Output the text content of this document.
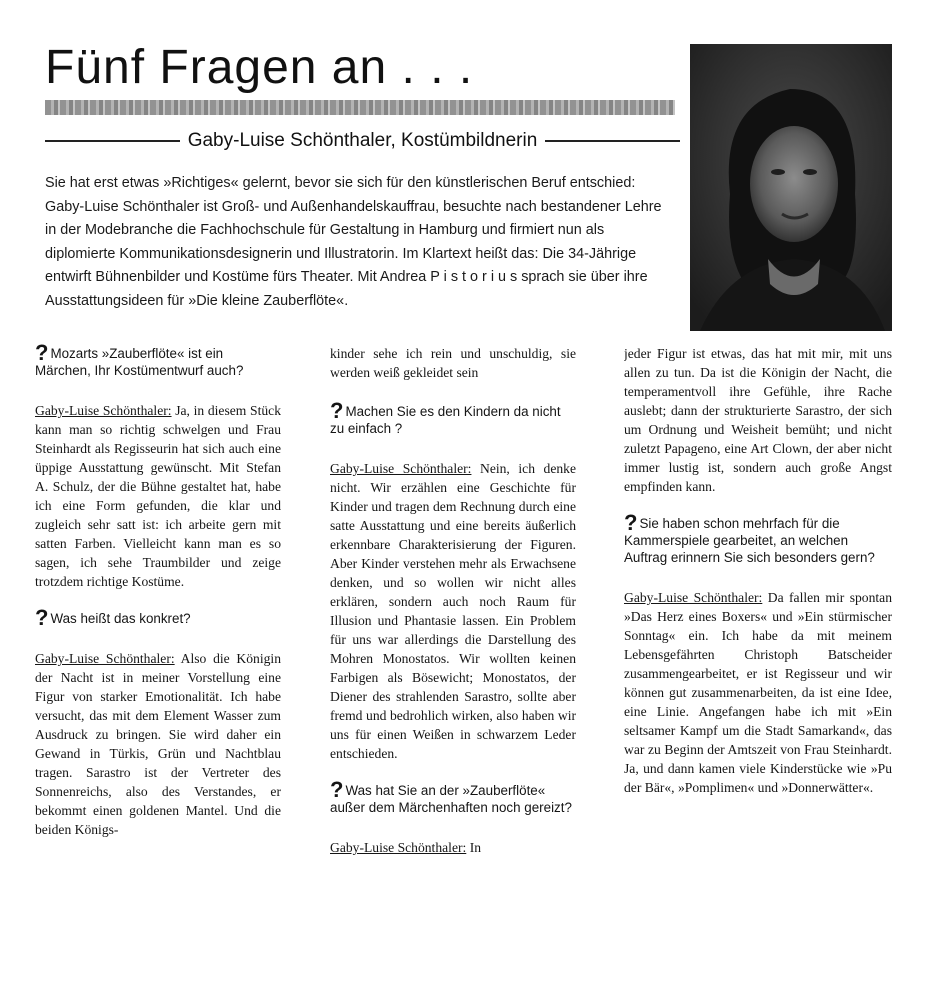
Fünf Fragen an . . .
Gaby-Luise Schönthaler, Kostümbildnerin

Sie hat erst etwas »Richtiges« gelernt, bevor sie sich für den künstlerischen Beruf entschied: Gaby-Luise Schönthaler ist Groß- und Außenhandelskauffrau, besuchte nach bestandener Lehre in der Modebranche die Fachhochschule für Gestaltung in Hamburg und firmiert nun als diplomierte Kommunikationsdesignerin und Illustratorin. Im Klartext heißt das: Die 34-Jährige entwirft Bühnenbilder und Kostüme fürs Theater. Mit Andrea P i s t o r i u s sprach sie über ihre Ausstattungsideen für »Die kleine Zauberflöte«.

? Mozarts »Zauberflöte« ist ein Märchen, Ihr Kostümentwurf auch?

Gaby-Luise Schönthaler: Ja, in diesem Stück kann man so richtig schwelgen und Frau Steinhardt als Regisseurin hat sich auch eine üppige Ausstattung gewünscht. Mit Stefan A. Schulz, der die Bühne gestaltet hat, habe ich eine Form gefunden, die klar und zugleich sehr satt ist: ich arbeite gern mit satten Farben. Vielleicht kann man es so sagen, ich sehe Traumbilder und zeige trotzdem richtige Kostüme.

? Was heißt das konkret?

Gaby-Luise Schönthaler: Also die Königin der Nacht ist in meiner Vorstellung eine Figur von starker Emotionalität. Ich habe versucht, das mit dem Element Wasser zum Ausdruck zu bringen. Sie wird daher ein Gewand in Türkis, Grün und Nachtblau tragen. Sarastro ist der Vertreter des Sonnenreichs, also des Verstandes, er bekommt einen goldenen Mantel. Und die beiden Königs-

kinder sehe ich rein und unschuldig, sie werden weiß gekleidet sein

? Machen Sie es den Kindern da nicht zu einfach ?

Gaby-Luise Schönthaler: Nein, ich denke nicht. Wir erzählen eine Geschichte für Kinder und tragen dem Rechnung durch eine satte Ausstattung und eine bereits äußerlich erkennbare Charakterisierung der Figuren. Aber Kinder verstehen mehr als Erwachsene denken, und so wollen wir nicht alles erklären, sondern auch noch Raum für Illusion und Phantasie lassen. Ein Problem für uns war allerdings die Darstellung des Mohren Monostatos. Wir wollten keinen Farbigen als Bösewicht; Monostatos, der Diener des strahlenden Sarastro, sollte aber fremd und bedrohlich wirken, also haben wir uns für einen Weißen in schwarzem Leder entschieden.

? Was hat Sie an der »Zauberflöte« außer dem Märchenhaften noch gereizt?

Gaby-Luise Schönthaler: In

jeder Figur ist etwas, das hat mit mir, mit uns allen zu tun. Da ist die Königin der Nacht, die temperamentvoll ihre Gefühle, ihre Rache auslebt; dann der strukturierte Sarastro, der sich um Ordnung und Weisheit bemüht; und nicht zuletzt Papageno, eine Art Clown, der aber nicht immer lustig ist, sondern auch große Angst empfinden kann.

? Sie haben schon mehrfach für die Kammerspiele gearbeitet, an welchen Auftrag erinnern Sie sich besonders gern?

Gaby-Luise Schönthaler: Da fallen mir spontan »Das Herz eines Boxers« und »Ein stürmischer Sonntag« ein. Ich habe da mit meinem Lebensgefährten Christoph Batscheider zusammengearbeitet, er ist Regisseur und wir können gut zusammenarbeiten, da ist eine Idee, eine Linie. Angefangen habe ich mit »Ein seltsamer Kampf um die Stadt Samarkand«, das war zu Beginn der Amtszeit von Frau Steinhardt. Ja, und dann kamen viele Kinderstücke wie »Pu der Bär«, »Pomplimen« und »Donnerwätter«.
